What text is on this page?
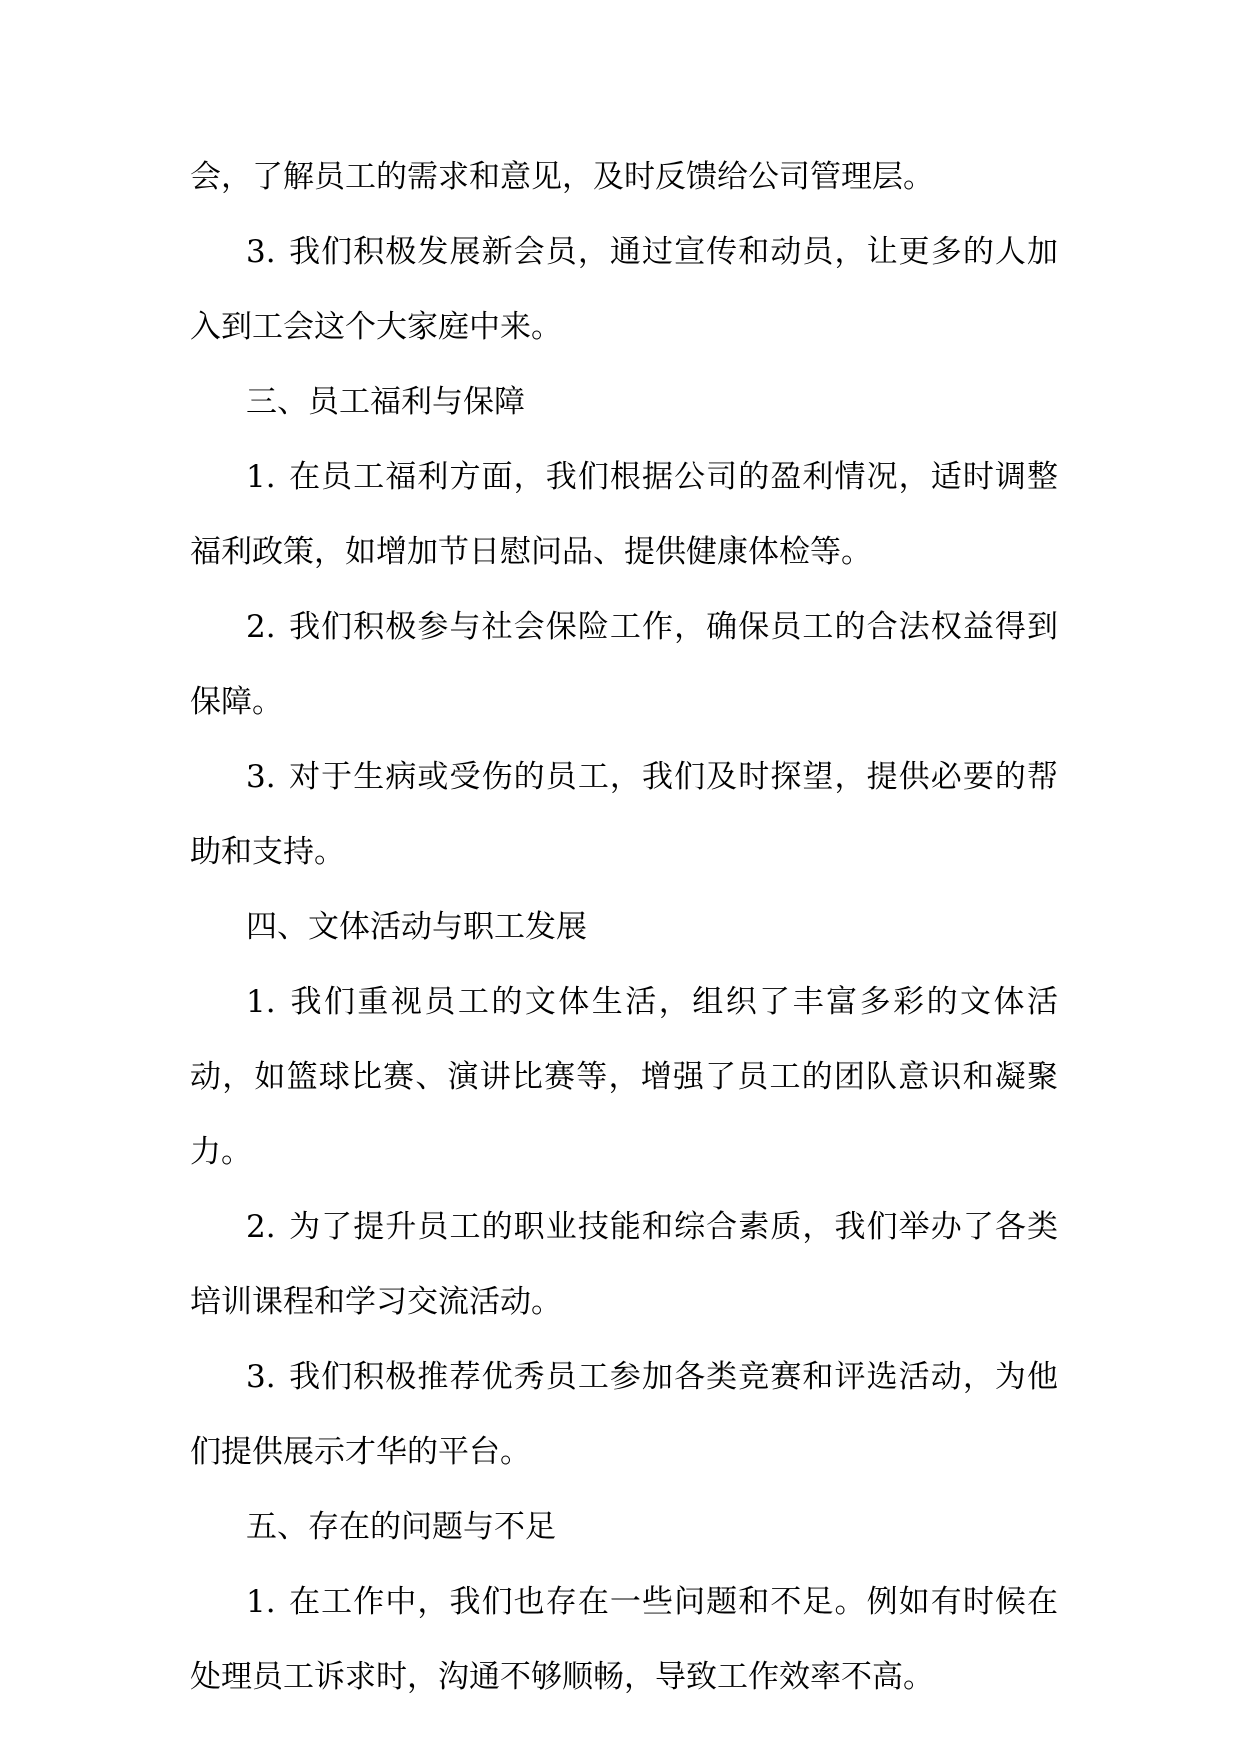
会，了解员工的需求和意见，及时反馈给公司管理层。

3. 我们积极发展新会员，通过宣传和动员，让更多的人加入到工会这个大家庭中来。

三、员工福利与保障

1. 在员工福利方面，我们根据公司的盈利情况，适时调整福利政策，如增加节日慰问品、提供健康体检等。

2. 我们积极参与社会保险工作，确保员工的合法权益得到保障。

3. 对于生病或受伤的员工，我们及时探望，提供必要的帮助和支持。

四、文体活动与职工发展

1. 我们重视员工的文体生活，组织了丰富多彩的文体活动，如篮球比赛、演讲比赛等，增强了员工的团队意识和凝聚力。

2. 为了提升员工的职业技能和综合素质，我们举办了各类培训课程和学习交流活动。

3. 我们积极推荐优秀员工参加各类竞赛和评选活动，为他们提供展示才华的平台。

五、存在的问题与不足

1. 在工作中，我们也存在一些问题和不足。例如有时候在处理员工诉求时，沟通不够顺畅，导致工作效率不高。
